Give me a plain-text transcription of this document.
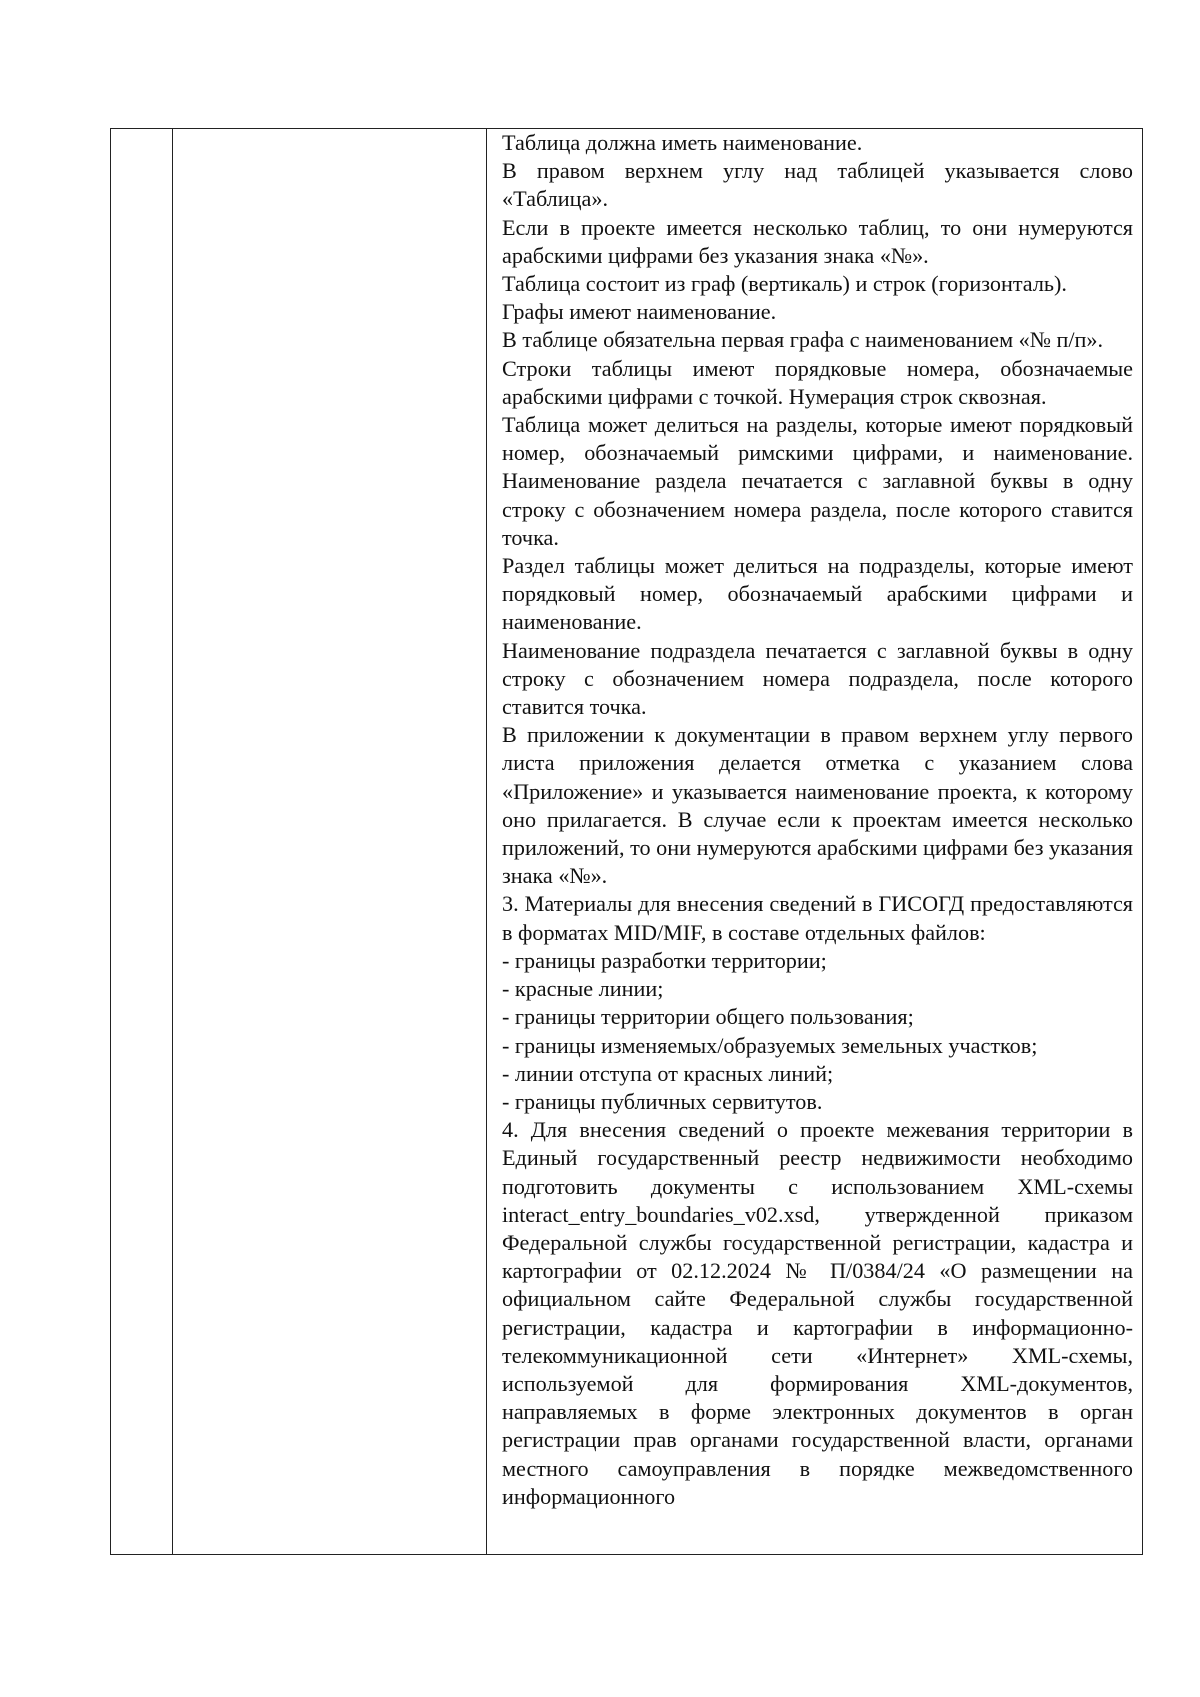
Таблица должна иметь наименование.

В правом верхнем углу над таблицей указывается слово «Таблица».

Если в проекте имеется несколько таблиц, то они нумеруются арабскими цифрами без указания знака «№».

Таблица состоит из граф (вертикаль) и строк (горизонталь).

Графы имеют наименование.

В таблице обязательна первая графа с наименованием «№ п/п».

Строки таблицы имеют порядковые номера, обозначаемые арабскими цифрами с точкой. Нумерация строк сквозная.

Таблица может делиться на разделы, которые имеют порядковый номер, обозначаемый римскими цифрами, и наименование. Наименование раздела печатается с заглавной буквы в одну строку с обозначением номера раздела, после которого ставится точка.

Раздел таблицы может делиться на подразделы, которые имеют порядковый номер, обозначаемый арабскими цифрами и наименование.

Наименование подраздела печатается с заглавной буквы в одну строку с обозначением номера подраздела, после которого ставится точка.

В приложении к документации в правом верхнем углу первого листа приложения делается отметка с указанием слова «Приложение» и указывается наименование проекта, к которому оно прилагается. В случае если к проектам имеется несколько приложений, то они нумеруются арабскими цифрами без указания знака «№».

3. Материалы для внесения сведений в ГИСОГД предоставляются в форматах MID/MIF, в составе отдельных файлов:

- границы разработки территории;

- красные линии;

- границы территории общего пользования;

- границы изменяемых/образуемых земельных участков;

- линии отступа от красных линий;

- границы публичных сервитутов.

4. Для внесения сведений о проекте межевания территории в Единый государственный реестр недвижимости необходимо подготовить документы с использованием XML-схемы interact_entry_boundaries_v02.xsd, утвержденной приказом Федеральной службы государственной регистрации, кадастра и картографии от 02.12.2024 № П/0384/24 «О размещении на официальном сайте Федеральной службы государственной регистрации, кадастра и картографии в информационно-телекоммуникационной сети «Интернет» XML-схемы, используемой для формирования XML-документов, направляемых в форме электронных документов в орган регистрации прав органами государственной власти, органами местного самоуправления в порядке межведомственного информационного
